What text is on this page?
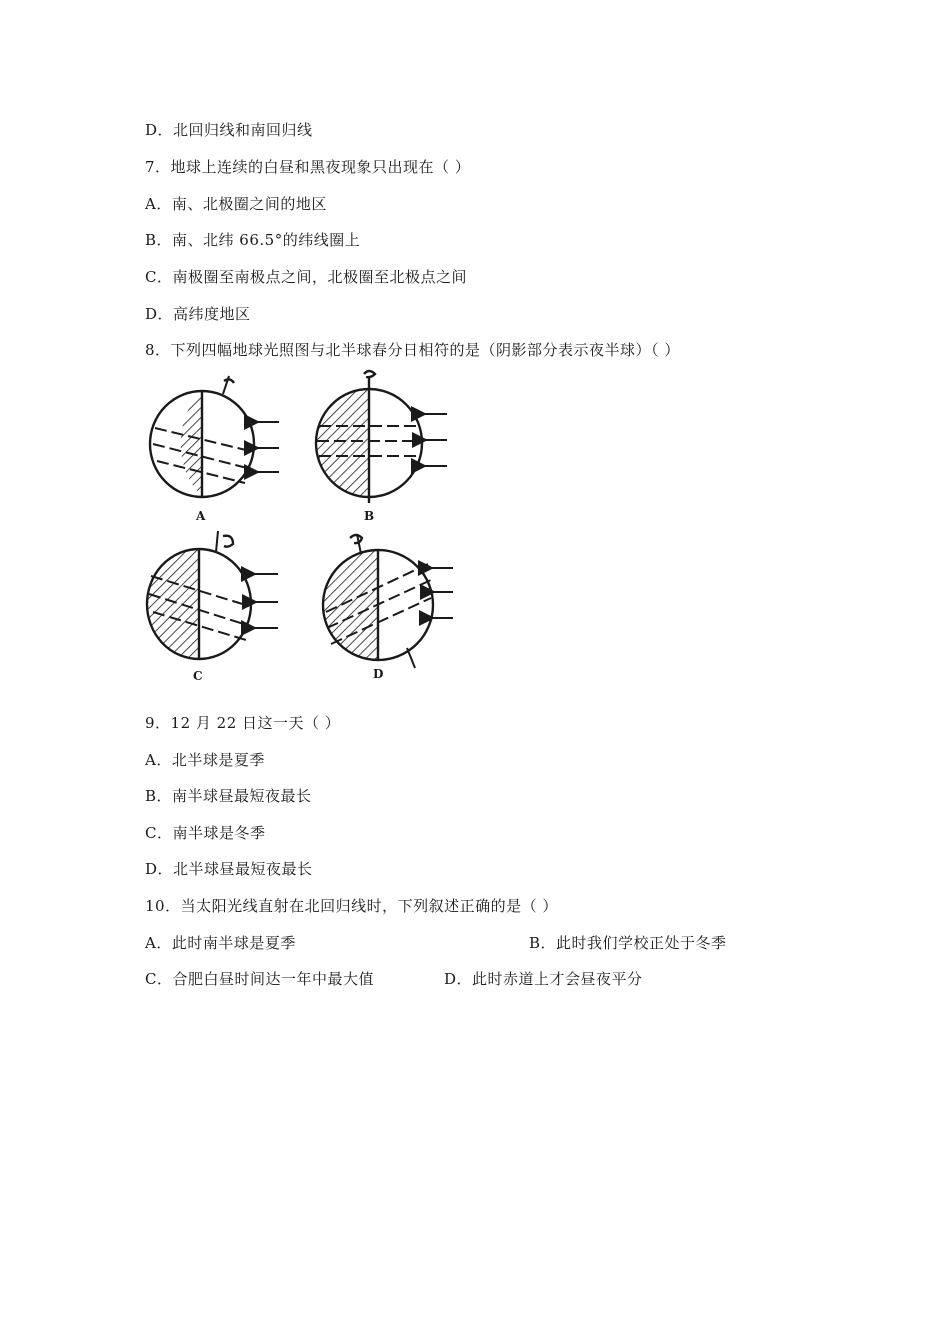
D．北回归线和南回归线
7．地球上连续的白昼和黑夜现象只出现在（ ）
A．南、北极圈之间的地区
B．南、北纬 66.5°的纬线圈上
C．南极圈至南极点之间，北极圈至北极点之间
D．高纬度地区
8．下列四幅地球光照图与北半球春分日相符的是（阴影部分表示夜半球）（ ）
A	B
C	D
9．12 月 22 日这一天（ ）
A．北半球是夏季
B．南半球昼最短夜最长
C．南半球是冬季
D．北半球昼最短夜最长
10．当太阳光线直射在北回归线时，下列叙述正确的是（ ）
A．此时南半球是夏季	B．此时我们学校正处于冬季
C．合肥白昼时间达一年中最大值	D．此时赤道上才会昼夜平分
